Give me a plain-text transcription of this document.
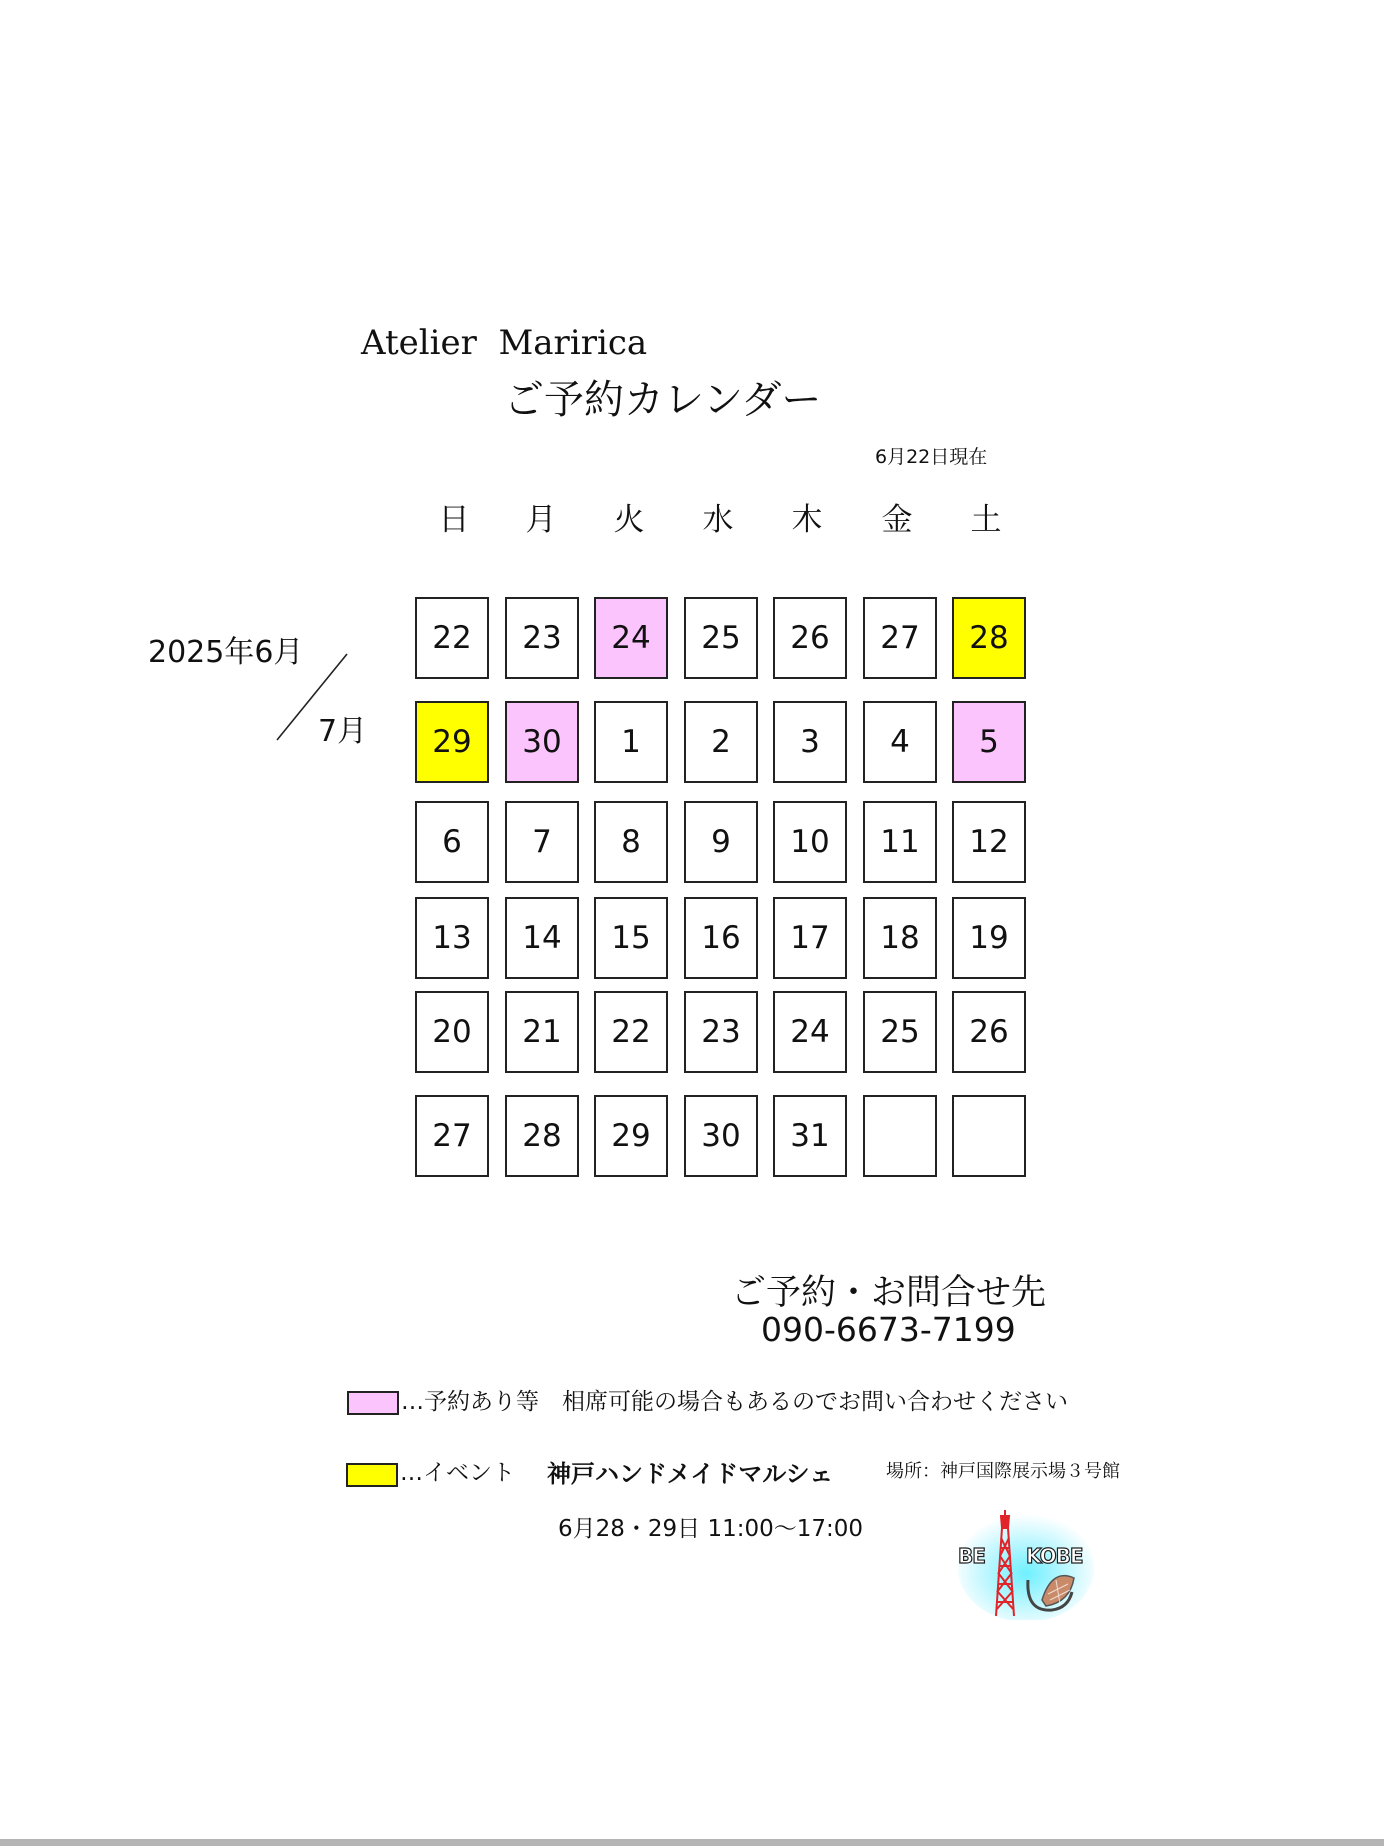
Atelier  Maririca
ご予約カレンダー
6月22日現在
日	月	火	水	木	金	土
2025年6月
7月
22	23	24	25	26	27	28
29	30	1	2	3	4	5
6	7	8	9	10	11	12
13	14	15	16	17	18	19
20	21	22	23	24	25	26
27	28	29	30	31
ご予約・お問合せ先
090-6673-7199
…予約あり等　相席可能の場合もあるのでお問い合わせください
…イベント 神戸ハンドメイドマルシェ	場所：神戸国際展示場３号館
6月28・29日 11:00〜17:00
BE KOBE
